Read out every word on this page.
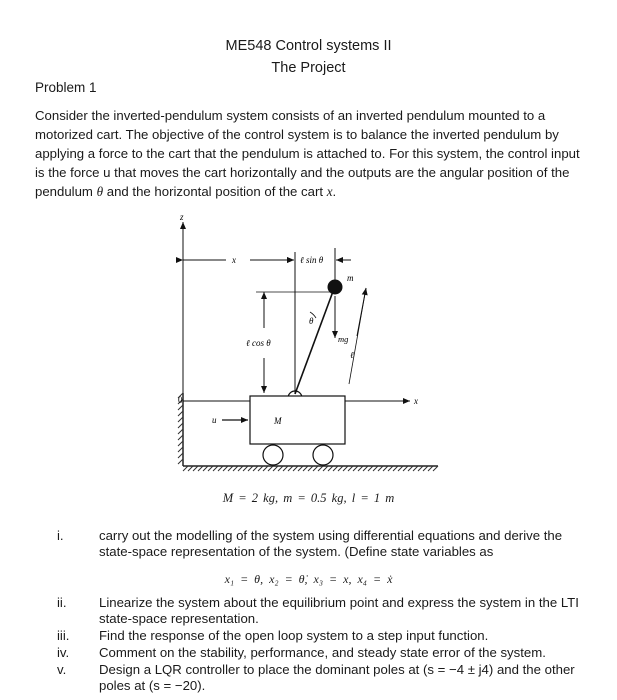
ME548 Control systems II
The Project
Problem 1
Consider the inverted-pendulum system consists of an inverted pendulum mounted to a
motorized cart. The objective of the control system is to balance the inverted pendulum by
applying a force to the cart that the pendulum is attached to. For this system, the control input
is the force u that moves the cart horizontally and the outputs are the angular position of the
pendulum θ and the horizontal position of the cart x.
z
0	x
x	ℓ sin θ
ℓ cos θ
m
mg
θ
ℓ
M
u
M = 2 kg, m = 0.5 kg, l = 1 m
i.	carry out the modelling of the system using differential equations and derive the
state-space representation of the system. (Define state variables as
x₁ = θ, x₂ = θ̇, x₃ = x, x₄ = ẋ
ii. Linearize the system about the equilibrium point and express the system in the LTI
state-space representation.
iii. Find the response of the open loop system to a step input function.
iv. Comment on the stability, performance, and steady state error of the system.
v. Design a LQR controller to place the dominant poles at (s = −4 ± j4) and the other
poles at (s = −20).
